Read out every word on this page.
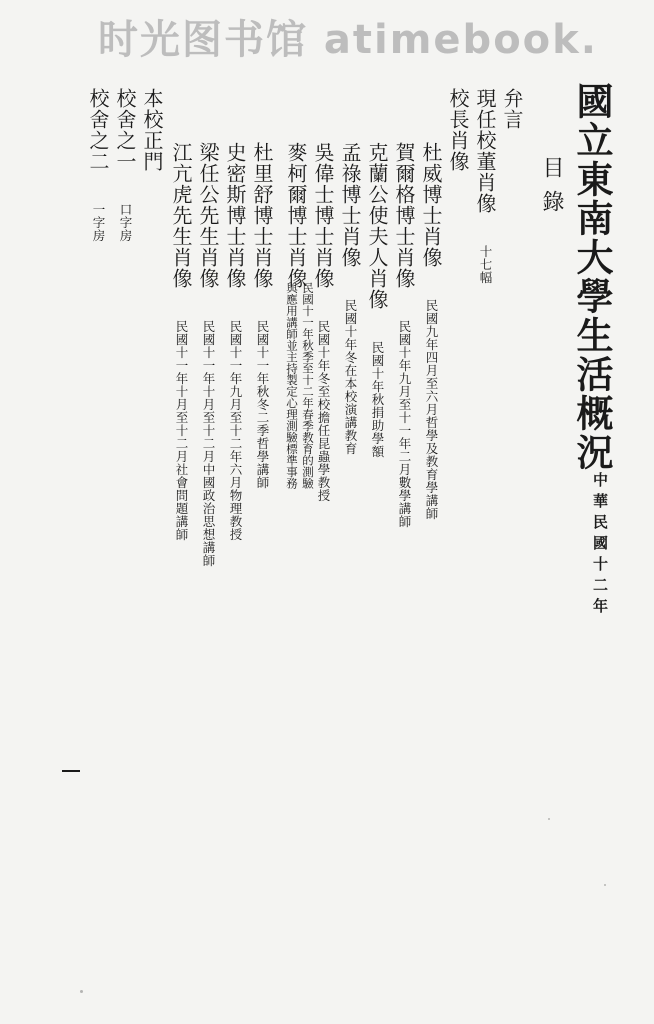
时光图书馆 atimebook.
國立東南大學生活概況
中華民國十二年
目錄
弁言
現任校董肖像 十七幅
校長肖像
杜威博士肖像 民國九年四月至六月哲學及教育學講師
賀爾格博士肖像 民國十年九月至十一年二月數學講師
克蘭公使夫人肖像 民國十年秋捐助學額
孟祿博士肖像 民國十年冬在本校演講教育
吳偉士博士肖像 民國十年冬至校擔任昆蟲學教授
麥柯爾博士肖像
民國十一年秋季至十二年春季教育的測驗
與應用講師並主持製定心理測驗標準事務
杜里舒博士肖像 民國十一年秋冬二季哲學講師
史密斯博士肖像 民國十一年九月至十二年六月物理教授
梁任公先生肖像 民國十一年十月至十二月中國政治思想講師
江亢虎先生肖像 民國十一年十月至十二月社會問題講師
本校正門
校舍之一 口字房
校舍之二 一字房
